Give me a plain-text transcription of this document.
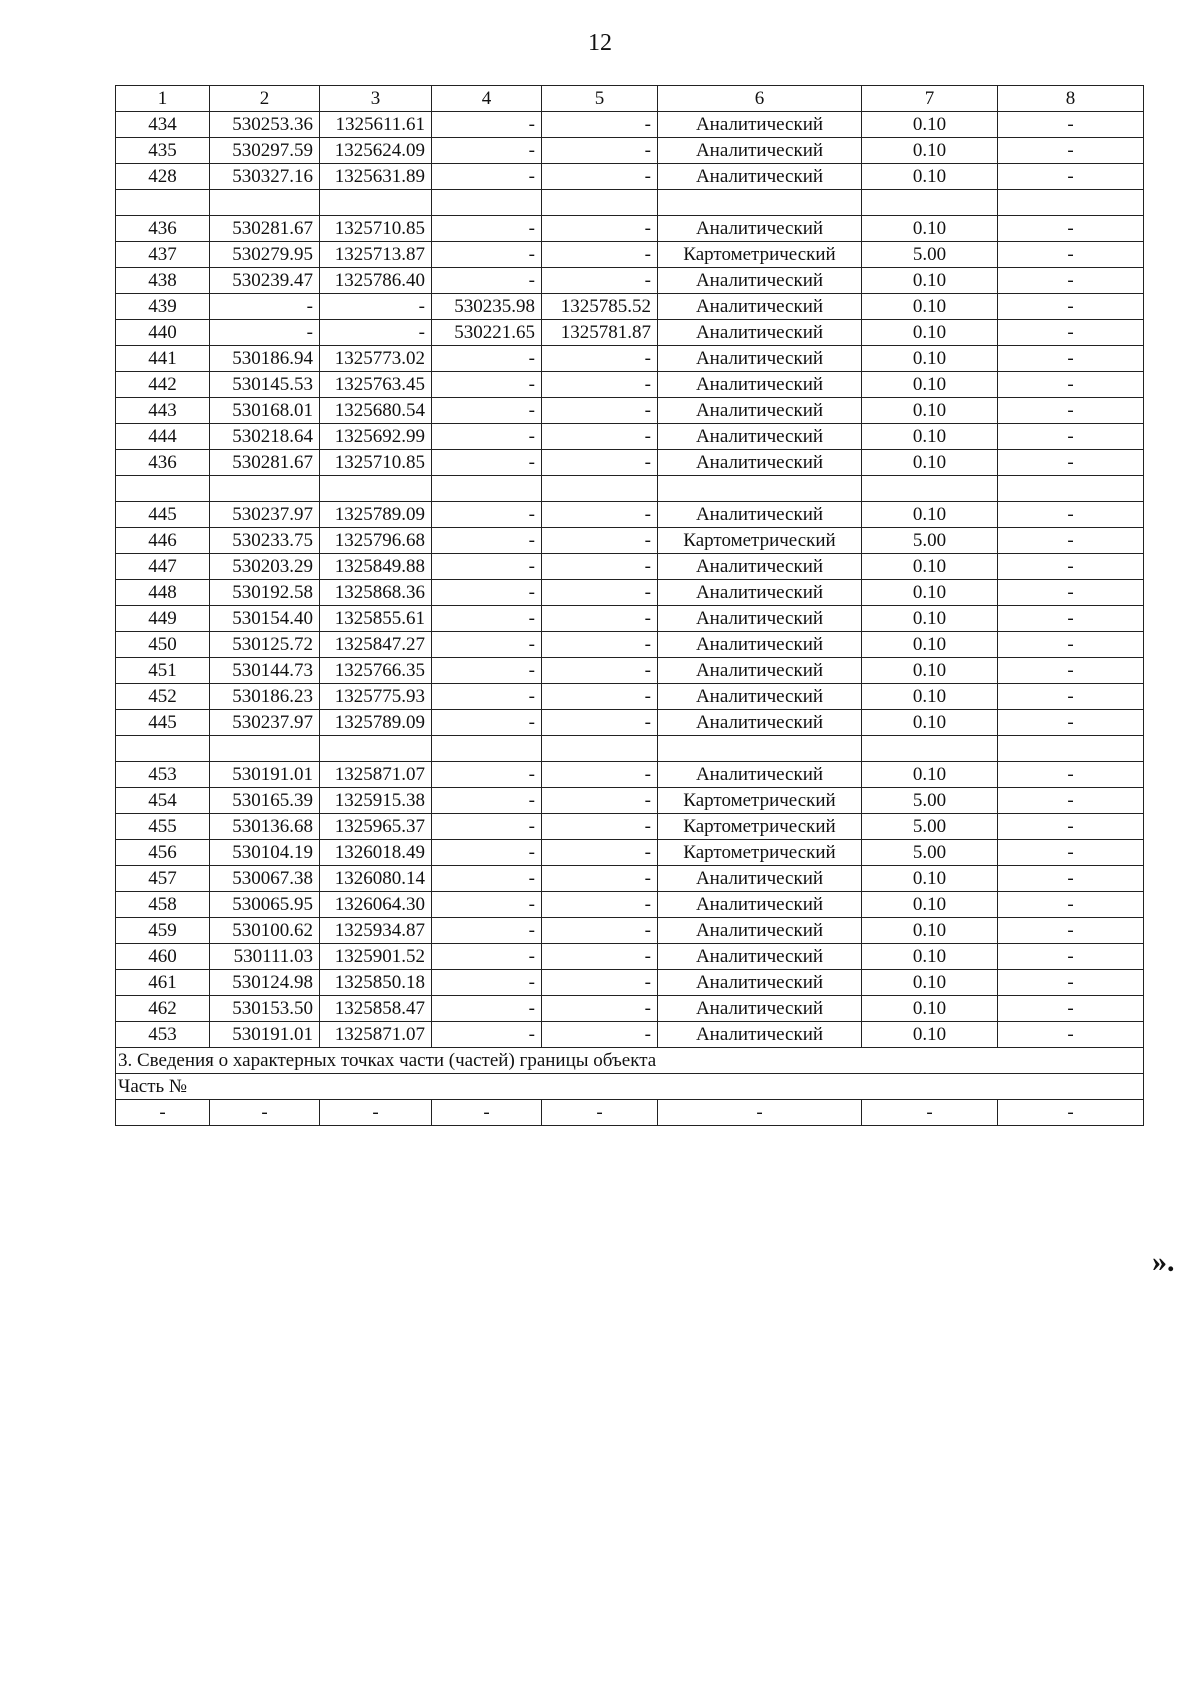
12
1	2	3	4	5	6	7	8
434	530253.36	1325611.61	-	-	Аналитический	0.10	-
435	530297.59	1325624.09	-	-	Аналитический	0.10	-
428	530327.16	1325631.89	-	-	Аналитический	0.10	-

436	530281.67	1325710.85	-	-	Аналитический	0.10	-
437	530279.95	1325713.87	-	-	Картометрический	5.00	-
438	530239.47	1325786.40	-	-	Аналитический	0.10	-
439	-	-	530235.98	1325785.52	Аналитический	0.10	-
440	-	-	530221.65	1325781.87	Аналитический	0.10	-
441	530186.94	1325773.02	-	-	Аналитический	0.10	-
442	530145.53	1325763.45	-	-	Аналитический	0.10	-
443	530168.01	1325680.54	-	-	Аналитический	0.10	-
444	530218.64	1325692.99	-	-	Аналитический	0.10	-
436	530281.67	1325710.85	-	-	Аналитический	0.10	-

445	530237.97	1325789.09	-	-	Аналитический	0.10	-
446	530233.75	1325796.68	-	-	Картометрический	5.00	-
447	530203.29	1325849.88	-	-	Аналитический	0.10	-
448	530192.58	1325868.36	-	-	Аналитический	0.10	-
449	530154.40	1325855.61	-	-	Аналитический	0.10	-
450	530125.72	1325847.27	-	-	Аналитический	0.10	-
451	530144.73	1325766.35	-	-	Аналитический	0.10	-
452	530186.23	1325775.93	-	-	Аналитический	0.10	-
445	530237.97	1325789.09	-	-	Аналитический	0.10	-

453	530191.01	1325871.07	-	-	Аналитический	0.10	-
454	530165.39	1325915.38	-	-	Картометрический	5.00	-
455	530136.68	1325965.37	-	-	Картометрический	5.00	-
456	530104.19	1326018.49	-	-	Картометрический	5.00	-
457	530067.38	1326080.14	-	-	Аналитический	0.10	-
458	530065.95	1326064.30	-	-	Аналитический	0.10	-
459	530100.62	1325934.87	-	-	Аналитический	0.10	-
460	530111.03	1325901.52	-	-	Аналитический	0.10	-
461	530124.98	1325850.18	-	-	Аналитический	0.10	-
462	530153.50	1325858.47	-	-	Аналитический	0.10	-
453	530191.01	1325871.07	-	-	Аналитический	0.10	-
3. Сведения о характерных точках части (частей) границы объекта							
Часть №							
-	-	-	-	-	-	-	-
».
